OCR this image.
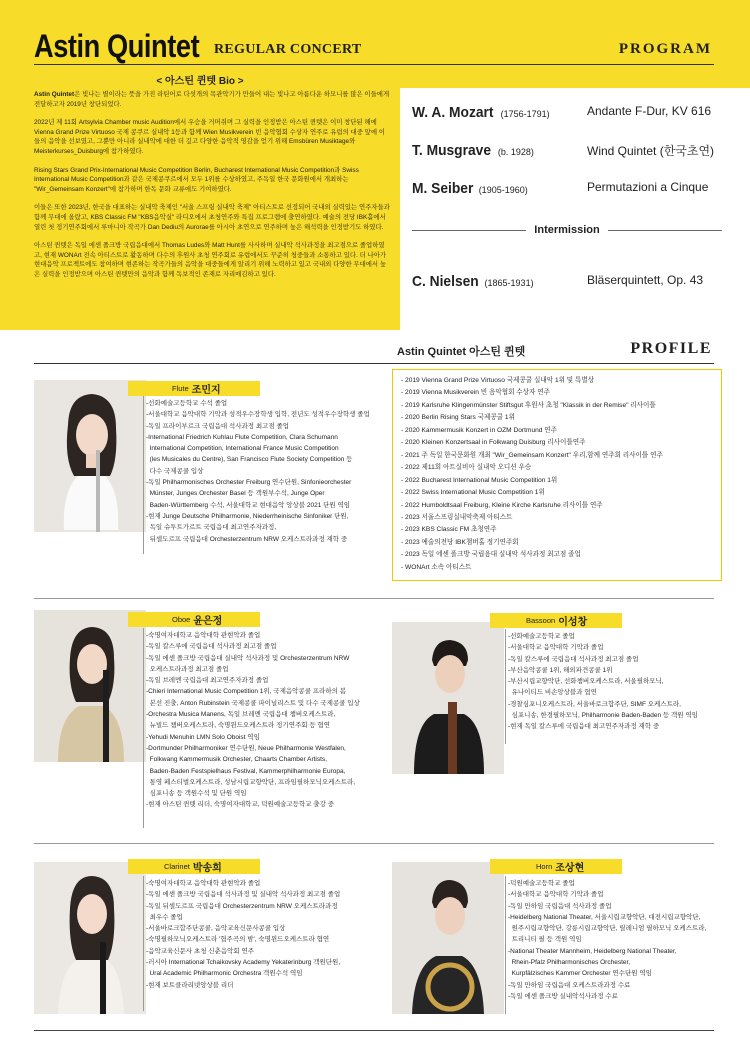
Astin Quintet REGULAR CONCERT	PROGRAM
< 아스틴 퀸텟 Bio >

Astin Quintet은 빛나는 별이라는 뜻을 가진 라틴어로 다섯개의 목관악기가 만들어 내는 빛나고 아름다운 하모니를 많은 이들에게 전달하고자 2019년 창단되었다.

2022년 제 11회 Artsylvia Chamber music Audition에서 우승을 거머쥐며 그 실력을 인정받은 아스틴 퀸텟은 이미 창단된 해에 Vienna Grand Prize Virtuoso 국제 콩쿠르 실내악 1등과 함께 Wien Musikverein 빈 음악협회 수상자 연주로 유럽의 대중 앞에 이들의 음악을 선보였고, 그뿐만 아니라 실내악에 대한 더 깊고 다양한 음악적 영감을 얻기 위해 Emsbüren Musiktage와 Meisterkurses_Duisburg에 참가하였다.

Rising Stars Grand Prix-International Music Competition Berlin, Bucharest International Music Competition과 Swiss International Music Competition과 같은 국제콩쿠르에서 모두 1위를 수상하였고, 주독일 한국 문화원에서 개최하는 "Wir_Gemeinsam Konzert"에 참가하며 한독 문화 교류에도 기여하였다.

이들은 또한 2023년, 한국을 대표하는 실내악 축제인 "서울 스프링 실내악 축제" 아티스트로 선정되어 국내외 실력있는 연주자들과 함께 무대에 올랐고, KBS Classic FM "KBS음악실" 라디오에서 초청연주와 특집 프로그램에 출연하였다. 예술의 전당 IBK홀에서 열린 첫 정기연주회에서 루마니아 작곡가 Dan Dediu의 Aurorae를 아시아 초연으로 연주하며 높은 해석력을 인정받기도 하였다.

아스틴 퀸텟은 독일 에센 폴크방 국립음대에서 Thomas Ludes와 Matt Hunt를 사사하며 실내악 석사과정을 최고점으로 졸업하였고, 현재 WONArt 전속 아티스트로 활동하며 다수의 후원사 초청 연주회로 유럽에서도 꾸준히 청중들과 소통하고 있다. 더 나아가 현대음악 프로젝트에도 참여하며 현존하는 작곡가들의 음악을 대중들에게 알리기 위해 노력하고 있고 국내외 다양한 무대에서 높은 실력을 인정받으며 아스틴 퀸텟만의 음악과 함께 독보적인 존재로 자리매김하고 있다.

W. A. Mozart (1756-1791)	Andante F-Dur, KV 616
T. Musgrave (b. 1928)	Wind Quintet (한국초연)
M. Seiber (1905-1960)	Permutazioni a Cinque
Intermission
C. Nielsen (1865-1931)	Bläserquintett, Op. 43
Astin Quintet 아스틴 퀸텟	PROFILE
- 2019 Vienna Grand Prize Virtuoso 국제콩쿨 실내악 1위 및 특별상
- 2019 Vienna Musikverein 빈 음악협회 수상자 연주
- 2019 Karlsruhe Klingenmünster Stiftsgut 후원사 초청 "Klassik in der Remise" 리사이틀
- 2020 Berlin Rising Stars 국제콩쿨 1위
- 2020 Kammermusik Konzert in OZM Dortmund 연주
- 2020 Kleinen Konzertsaal in Folkwang Duisburg 리사이틀연주
- 2021 주 독일 한국문화원 개최 "Wir_Gemeinsam Konzert" 우리,함께 연주회 리사이틀 연주
- 2022 제11회 아트실비아 실내악 오디션 우승
- 2022 Bucharest International Music Competition 1위
- 2022 Swiss International Music Competition 1위
- 2022 Humboldtsaal Freiburg, Kleine Kirche Karlsruhe 리사이틀 연주
- 2023 서울스프링실내악축제 아티스트
- 2023 KBS Classic FM 초청연주
- 2023 예술의전당 IBK챔버홀 정기연주회
- 2023 독일 에센 폴크방 국립음대 실내악 석사과정 최고점 졸업
- WONArt 소속 아티스트
Flute 조민지
-선화예술고등학교 수석 졸업
-서울대학교 음악대학 기악과 성적우수장학생 입학, 전년도 성적우수장학생 졸업
-독일 프라이부르크 국립음대 석사과정 최고점 졸업
-International Friedrich Kuhlau Flute Competition, Clara Schumann
International Competition, International France Music Competition
(les Musicales du Centre), San Francisco Flute Society Competition 등
다수 국제콩쿨 입상
-독일 Philharmonisches Orchester Freiburg 연수단원, Sinfonieorchester
Münster, Junges Orchester Basel 등 객원부수석, Junge Oper
Baden-Württemberg 수석, 서울대학교 현대음악 앙상블 2021 단원 역임
-현재 Junge Deutsche Philharmonie, Niederrheinische Sinfoniker 단원,
독일 슈투트가르트 국립음대 최고연주자과정,
뒤셀도르프 국립음대 Orchesterzentrum NRW 오케스트라과정 재학 중
Oboe 윤은정
-숙명여자대학교 음악대학 관현악과 졸업
-독일 칼스루에 국립음대 석사과정 최고점 졸업
-독일 에센 폴크방 국립음대 실내악 석사과정 및 Orchesterzentrum NRW
오케스트라과정 최고점 졸업
-독일 브레멘 국립음대 최고연주자과정 졸업
-Chieri International Music Competition 1위, 국제음악콩쿨 프라하의 봄
본선 진출, Anton Rubinstein 국제콩쿨 파이널리스트 및 다수 국제콩쿨 입상
-Orchestra Musica Manens, 독일 브레멘 국립음대 챔버오케스트라,
뉴빌드 챔버오케스트라, 숙명윈드오케스트라 정기연주회 등 협연
-Yehudi Menuhin LMN Solo Oboist 역임
-Dortmunder Philharmoniker 연수단원, Neue Philharmonie Westfalen,
Folkwang Kammermusik Orchester, Chaarts Chamber Artists,
Baden-Baden Festspielhaus Festival, Kammerphilharmonie Europa,
통영 페스티벌오케스트라, 성남시립교향악단, 프라임필하모닉오케스트라,
심포니송 등 객원수석 및 단원 역임
-현재 아스틴 퀸텟 리더, 숙명여자대학교, 덕원예술고등학교 출강 중
Bassoon 이성창
-선화예술고등학교 졸업
-서울대학교 음악대학 기악과 졸업
-독일 칼스루에 국립음대 석사과정 최고점 졸업
-부산음악콩쿨 1위, 해외파견콩쿨 1위
-부산시립교향악단, 선화챔버오케스트라, 서울필하모닉,
유나이티드 비손앙상블과 협연
-경찰심포니오케스트라, 서울바로크합주단, SIMF 오케스트라,
심포니송, 한경필하모닉, Philharmonie Baden-Baden 등 객원 역임
-현재 독일 칼스루에 국립음대 최고연주자과정 재학 중
Clarinet 박송희
-숙명여자대학교 음악대학 관현악과 졸업
-독일 에센 폴크방 국립음대 석사과정 및 실내악 석사과정 최고점 졸업
-독일 뒤셀도르프 국립음대 Orchesterzentrum NRW 오케스트라과정
최우수 졸업
-서울바로크합주단콩쿨, 음악교육신문사콩쿨 입상
-숙명필하모닉오케스트라 '협주곡의 밤', 숙명윈드오케스트라 협연
-음악교육신문사 초청 신춘음악회 연주
-러시아 International Tchaikovsky Academy Yekaterinburg 객원단원,
Ural Academic Philharmonic Orchestra 객원수석 역임
-현재 보트클라리넷앙상블 리더
Horn 조상현
-덕원예술고등학교 졸업
-서울대학교 음악대학 기악과 졸업
-독일 만하임 국립음대 석사과정 졸업
-Heidelberg National Theater, 서울시립교향악단, 대전시립교향악단,
원주시립교향악단, 강릉시립교향악단, 릴레니엄 필하모닉 오케스트라,
트리니티 필 등 객원 역임
-National Theater Mannheim, Heidelberg National Theater,
Rhein-Pfalz Philharmonisches Orchester,
Kurpfälzisches Kammer Orchester 연수단원 역임
-독일 만하임 국립음대 오케스트라과정 수료
-독일 에센 폴크방 실내악석사과정 수료
